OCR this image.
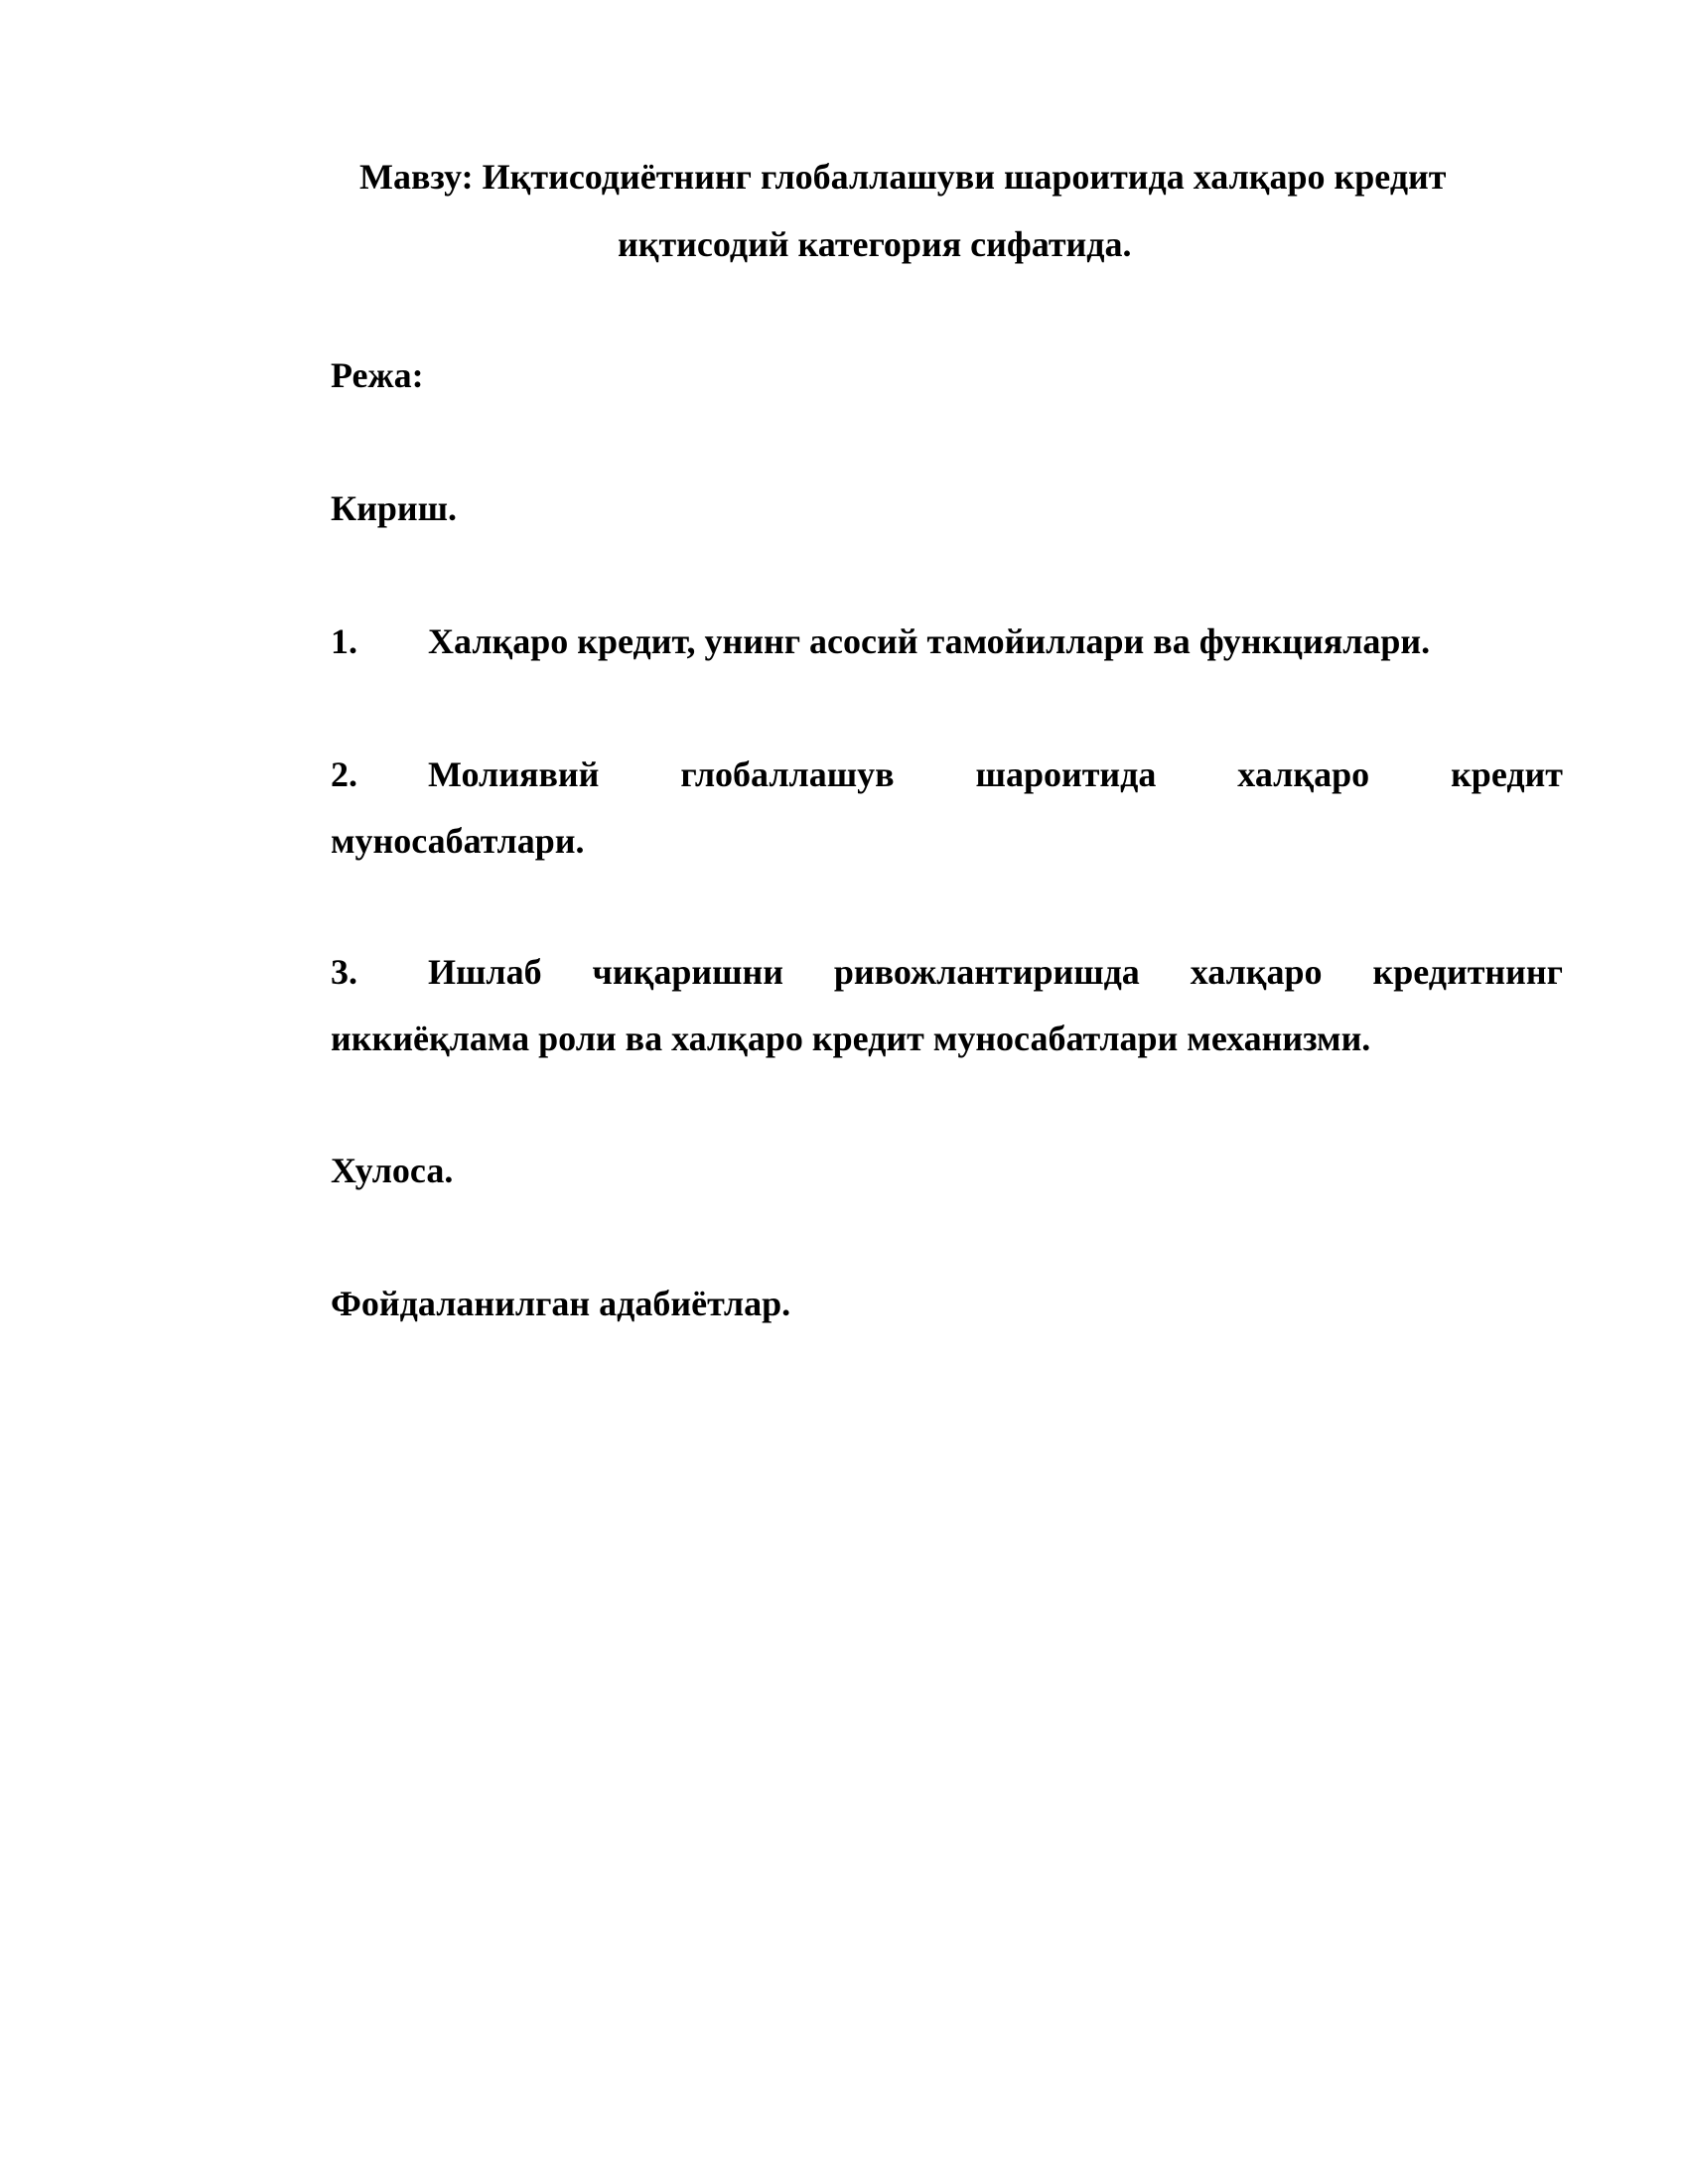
Мавзу: Иқтисодиётнинг глобаллашуви шароитида халқаро кредит
иқтисодий категория сифатида.
Режа:
Кириш.
1. Халқаро кредит, унинг асосий тамойиллари ва функциялари.
2. Молиявий глобаллашув шароитида халқаро кредит
муносабатлари.
3. Ишлаб чиқаришни ривожлантиришда халқаро кредитнинг
иккиёқлама роли ва халқаро кредит муносабатлари механизми.
Хулоса.
Фойдаланилган адабиётлар.
